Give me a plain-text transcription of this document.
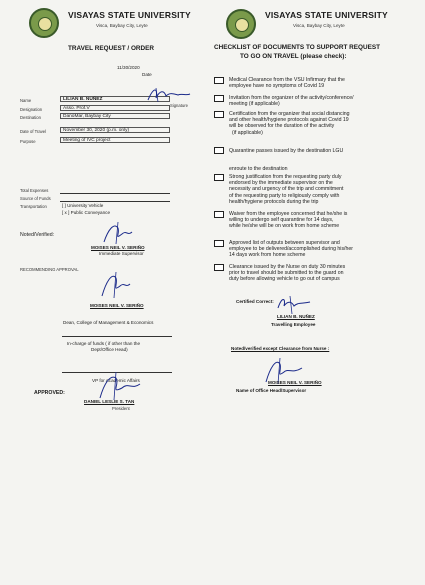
VISAYAS STATE UNIVERSITY
Visca, Baybay City, Leyte
VISAYAS STATE UNIVERSITY
Visca, Baybay City, Leyte
TRAVEL REQUEST / ORDER
11/30/2020
Date
Name	LILIAN B. NUÑEZ
Signature
Designation	Asso. Prof.V
Destination	DanoMar, Baybay City
Date of Travel	November 30, 2020 (p.m. only)
Purpose	Meeting of IVC project
Total Expenses
Source of Funds
Transportation	[ ] University Vehicle
[ x ] Public Conveyance
Noted/Verified:
MOISES NEIL V. SERIÑO
Immediate Supervisor
RECOMMENDING APPROVAL
MOISES NEIL V. SERIÑO
Dean, College of Management & Economics
In-charge of funds ( if other than the
Dept/Office Head)
VP for Academic Affairs
APPROVED:
DANIEL LESLIE S. TAN
President
CHECKLIST OF DOCUMENTS TO SUPPORT REQUEST
TO GO ON TRAVEL (please check):
Medical Clearance from the VSU Infirmary that the
employee have no symptoms of Covid 19
Invitation from the organizer of the activity/conference/
meeting (if applicable)
Certification from the organizer that social distancing
and other health/hygiene protocols against Covid 19
will be observed for the duration of the activity
(if applicable)
Quarantine passes issued by the destination LGU
enroute to the destination
Strong justification from the requesting party duly
endorsed by the immediate supervisor on the
necessity and urgency of the trip and commitment
of the requesting party to religiously comply with
health/hygiene protocols during the trip
Waiver from the employee concerned that he/she is
willing to undergo self quarantine for 14 days,
while he/she will be on work from home scheme
Approved list of outputs between supervisor and
employee to be delivered/accomplished during his/her
14 days work from home scheme
Clearance issued by the Nurse on duty 30 minutes
prior to travel should be submitted to the guard on
duty before allowing vehicle to go out of campus
Certified Correct:
LILIAN B. NUÑEZ
Travelling Employee
Noted/verified except Clearance from Nurse :
MOISES NEIL V. SERIÑO
Name of Office Head/Supervisor
